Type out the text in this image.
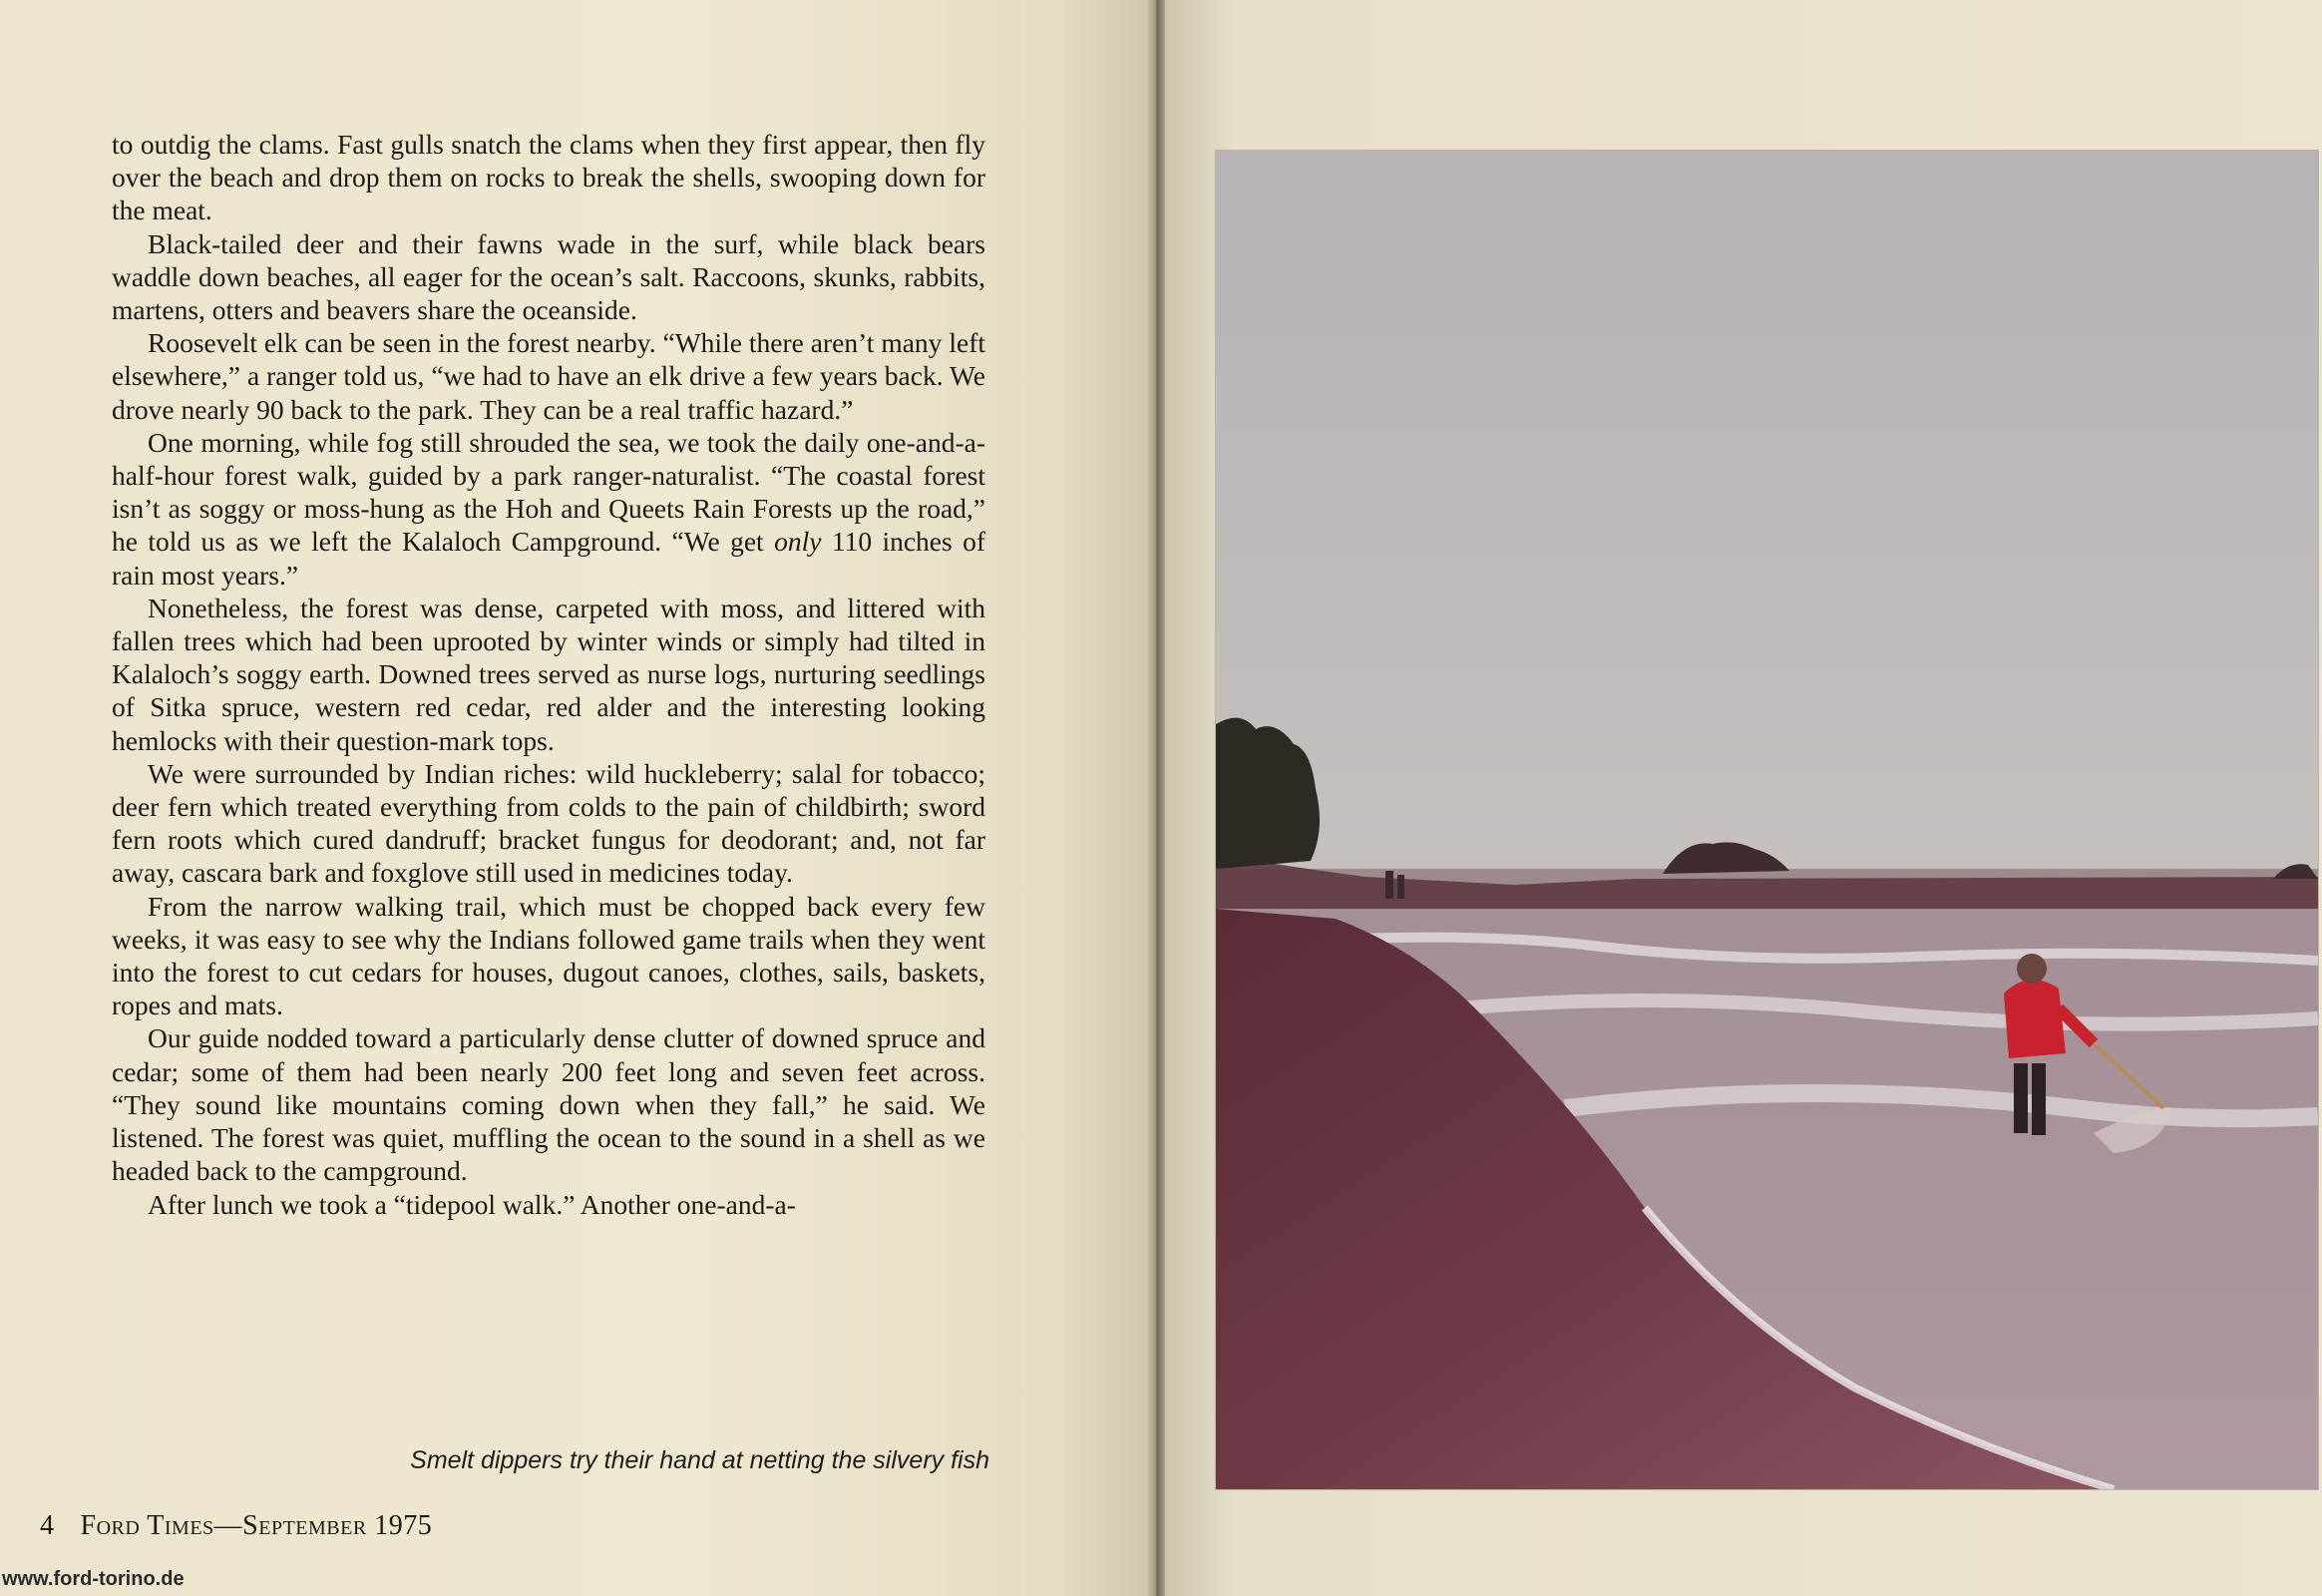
to outdig the clams. Fast gulls snatch the clams when they first appear, then fly over the beach and drop them on rocks to break the shells, swooping down for the meat.

Black-tailed deer and their fawns wade in the surf, while black bears waddle down beaches, all eager for the ocean’s salt. Raccoons, skunks, rabbits, martens, otters and beavers share the oceanside.

Roosevelt elk can be seen in the forest nearby. “While there aren’t many left elsewhere,” a ranger told us, “we had to have an elk drive a few years back. We drove nearly 90 back to the park. They can be a real traffic hazard.”

One morning, while fog still shrouded the sea, we took the daily one-and-a-half-hour forest walk, guided by a park ranger-naturalist. “The coastal forest isn’t as soggy or moss-hung as the Hoh and Queets Rain Forests up the road,” he told us as we left the Kalaloch Campground. “We get only 110 inches of rain most years.”

Nonetheless, the forest was dense, carpeted with moss, and littered with fallen trees which had been uprooted by winter winds or simply had tilted in Kalaloch’s soggy earth. Downed trees served as nurse logs, nurturing seedlings of Sitka spruce, western red cedar, red alder and the interesting looking hemlocks with their question-mark tops.

We were surrounded by Indian riches: wild huckleberry; salal for tobacco; deer fern which treated everything from colds to the pain of childbirth; sword fern roots which cured dandruff; bracket fungus for deodorant; and, not far away, cascara bark and foxglove still used in medicines today.

From the narrow walking trail, which must be chopped back every few weeks, it was easy to see why the Indians followed game trails when they went into the forest to cut cedars for houses, dugout canoes, clothes, sails, baskets, ropes and mats.

Our guide nodded toward a particularly dense clutter of downed spruce and cedar; some of them had been nearly 200 feet long and seven feet across. “They sound like mountains coming down when they fall,” he said. We listened. The forest was quiet, muffling the ocean to the sound in a shell as we headed back to the campground.

After lunch we took a “tidepool walk.” Another one-and-a-

Smelt dippers try their hand at netting the silvery fish
4 Ford Times—September 1975
www.ford-torino.de
